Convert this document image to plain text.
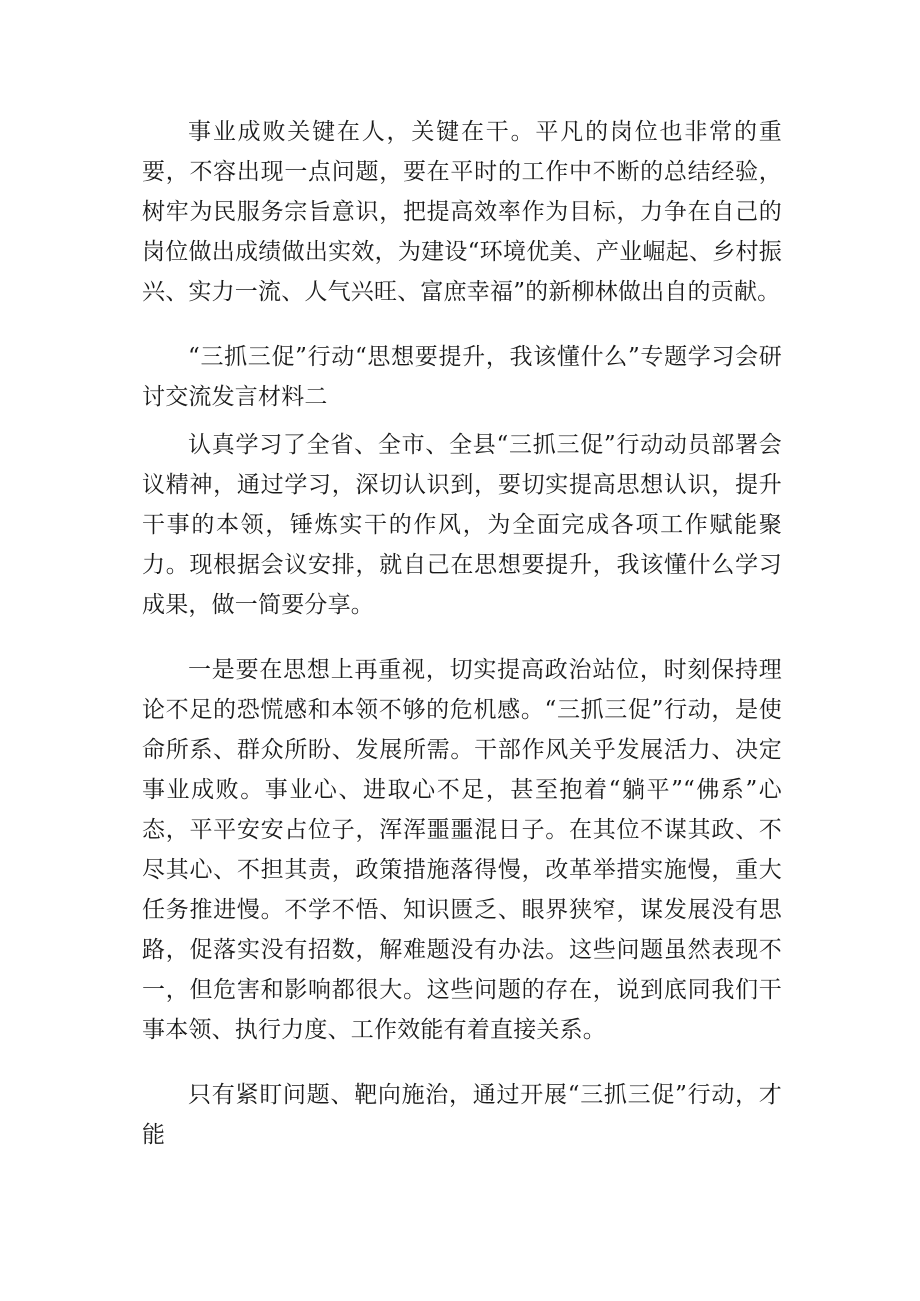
事业成败关键在人，关键在干。平凡的岗位也非常的重要，不容出现一点问题，要在平时的工作中不断的总结经验，树牢为民服务宗旨意识，把提高效率作为目标，力争在自己的岗位做出成绩做出实效，为建设“环境优美、产业崛起、乡村振兴、实力一流、人气兴旺、富庶幸福”的新柳林做出自的贡献。

“三抓三促”行动“思想要提升，我该懂什么”专题学习会研讨交流发言材料二

认真学习了全省、全市、全县“三抓三促”行动动员部署会议精神，通过学习，深切认识到，要切实提高思想认识，提升干事的本领，锤炼实干的作风，为全面完成各项工作赋能聚力。现根据会议安排，就自己在思想要提升，我该懂什么学习成果，做一简要分享。

一是要在思想上再重视，切实提高政治站位，时刻保持理论不足的恐慌感和本领不够的危机感。“三抓三促”行动，是使命所系、群众所盼、发展所需。干部作风关乎发展活力、决定事业成败。事业心、进取心不足，甚至抱着“躺平”“佛系”心态，平平安安占位子，浑浑噩噩混日子。在其位不谋其政、不尽其心、不担其责，政策措施落得慢，改革举措实施慢，重大任务推进慢。不学不悟、知识匮乏、眼界狭窄，谋发展没有思路，促落实没有招数，解难题没有办法。这些问题虽然表现不一，但危害和影响都很大。这些问题的存在，说到底同我们干事本领、执行力度、工作效能有着直接关系。

只有紧盯问题、靶向施治，通过开展“三抓三促”行动，才能
